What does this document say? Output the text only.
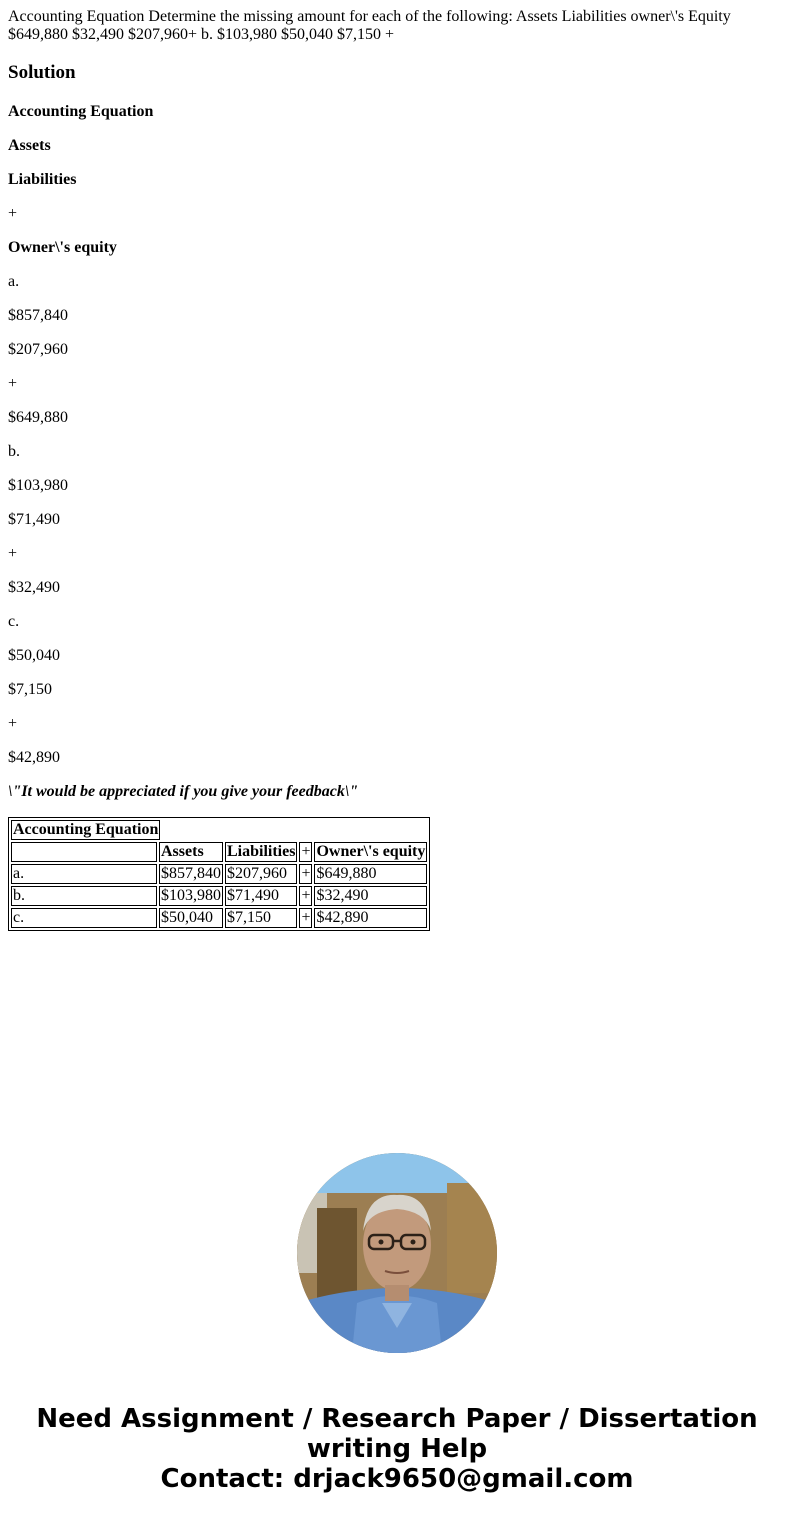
Accounting Equation Determine the missing amount for each of the following: Assets Liabilities owner\'s Equity $649,880 $32,490 $207,960+ b. $103,980 $50,040 $7,150 +
Solution

Accounting Equation

Assets

Liabilities

+

Owner\'s equity

a.

$857,840

$207,960

+

$649,880

b.

$103,980

$71,490

+

$32,490

c.

$50,040

$7,150

+

$42,890

\"It would be appreciated if you give your feedback\"

Accounting Equation				
	Assets	Liabilities	+	Owner\'s equity
a.	$857,840	$207,960	+	$649,880
b.	$103,980	$71,490	+	$32,490
c.	$50,040	$7,150	+	$42,890
Need Assignment / Research Paper / Dissertation
writing Help
Contact: drjack9650@gmail.com
